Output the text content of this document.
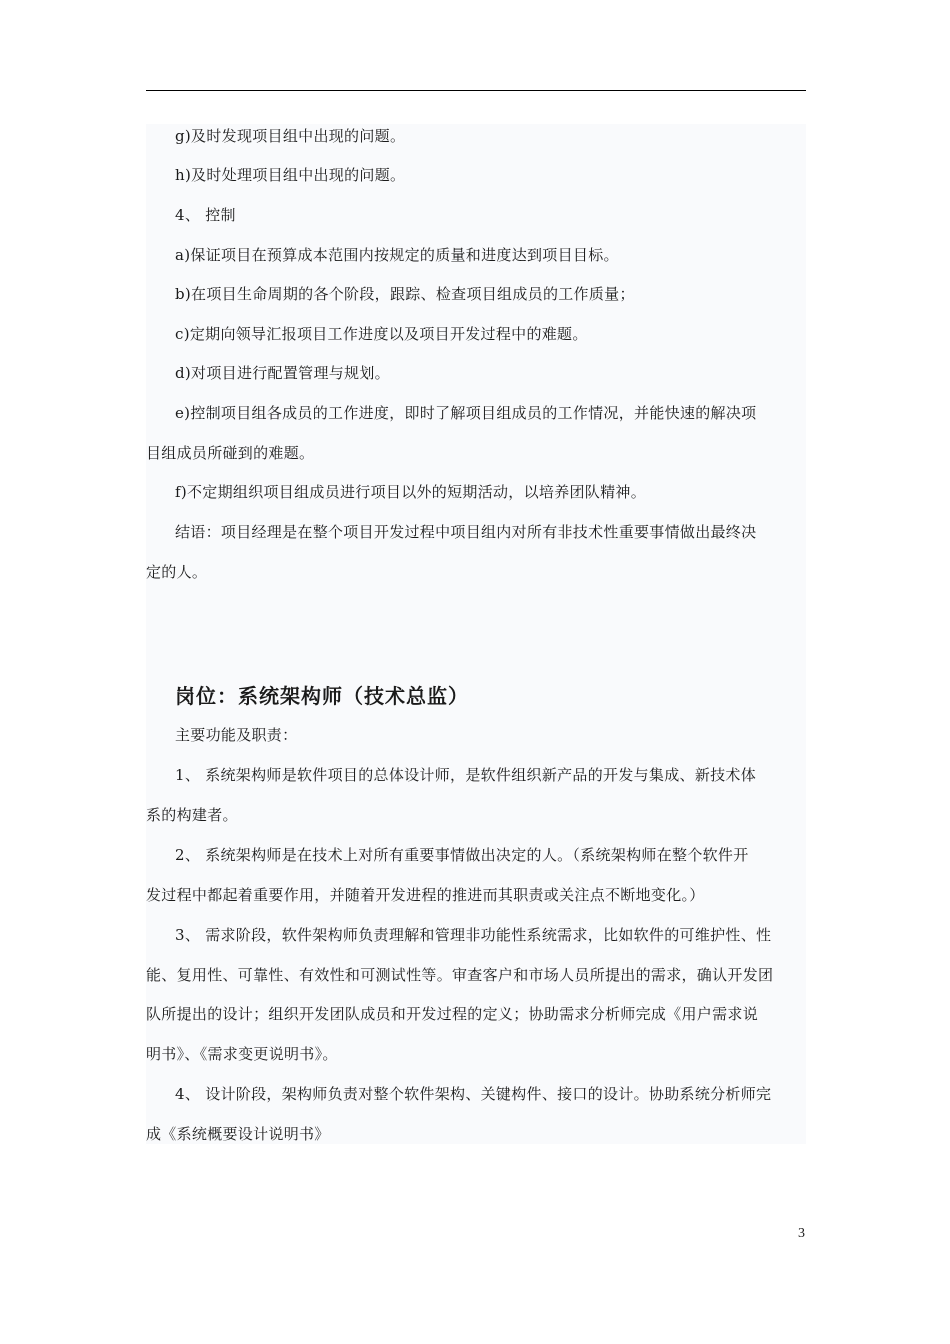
g)及时发现项目组中出现的问题。
h)及时处理项目组中出现的问题。
4、 控制
a)保证项目在预算成本范围内按规定的质量和进度达到项目目标。
b)在项目生命周期的各个阶段，跟踪、检查项目组成员的工作质量；
c)定期向领导汇报项目工作进度以及项目开发过程中的难题。
d)对项目进行配置管理与规划。
e)控制项目组各成员的工作进度，即时了解项目组成员的工作情况，并能快速的解决项
目组成员所碰到的难题。
f)不定期组织项目组成员进行项目以外的短期活动，以培养团队精神。
结语：项目经理是在整个项目开发过程中项目组内对所有非技术性重要事情做出最终决
定的人。
岗位：系统架构师（技术总监）
主要功能及职责：
1、 系统架构师是软件项目的总体设计师，是软件组织新产品的开发与集成、新技术体
系的构建者。
2、 系统架构师是在技术上对所有重要事情做出决定的人。（系统架构师在整个软件开
发过程中都起着重要作用，并随着开发进程的推进而其职责或关注点不断地变化。）
3、 需求阶段，软件架构师负责理解和管理非功能性系统需求，比如软件的可维护性、性
能、复用性、可靠性、有效性和可测试性等。审查客户和市场人员所提出的需求，确认开发团
队所提出的设计；组织开发团队成员和开发过程的定义；协助需求分析师完成《用户需求说
明书》、《需求变更说明书》。
4、 设计阶段，架构师负责对整个软件架构、关键构件、接口的设计。协助系统分析师完
成《系统概要设计说明书》
3
